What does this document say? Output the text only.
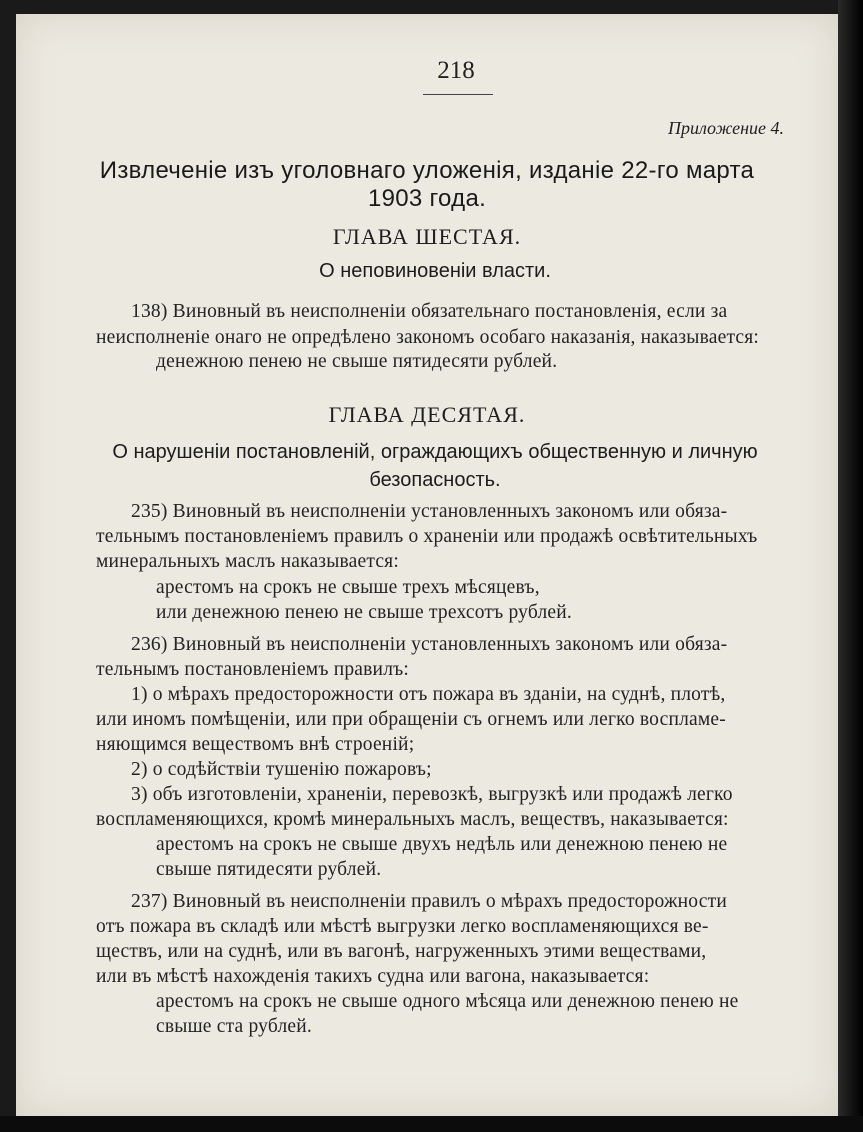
218
Приложение 4.
Извлеченіе изъ уголовнаго уложенія, изданіе 22-го марта
1903 года.
ГЛАВА ШЕСТАЯ.
О неповиновеніи власти.
138) Виновный въ неисполненіи обязательнаго постановленія, если за
неисполненіе онаго не опредѣлено закономъ особаго наказанія, наказывается:
денежною пенею не свыше пятидесяти рублей.
ГЛАВА ДЕСЯТАЯ.
О нарушеніи постановленій, ограждающихъ общественную и личную
безопасность.
235) Виновный въ неисполненіи установленныхъ закономъ или обяза-
тельнымъ постановленіемъ правилъ о храненіи или продажѣ освѣтительныхъ
минеральныхъ маслъ наказывается:
арестомъ на срокъ не свыше трехъ мѣсяцевъ,
или денежною пенею не свыше трехсотъ рублей.
236) Виновный въ неисполненіи установленныхъ закономъ или обяза-
тельнымъ постановленіемъ правилъ:
1) о мѣрахъ предосторожности отъ пожара въ зданіи, на суднѣ, плотѣ,
или иномъ помѣщеніи, или при обращеніи съ огнемъ или легко воспламе-
няющимся веществомъ внѣ строеній;
2) о содѣйствіи тушенію пожаровъ;
3) объ изготовленіи, храненіи, перевозкѣ, выгрузкѣ или продажѣ легко
воспламеняющихся, кромѣ минеральныхъ маслъ, веществъ, наказывается:
арестомъ на срокъ не свыше двухъ недѣль или денежною пенею не
свыше пятидесяти рублей.
237) Виновный въ неисполненіи правилъ о мѣрахъ предосторожности
отъ пожара въ складѣ или мѣстѣ выгрузки легко воспламеняющихся ве-
ществъ, или на суднѣ, или въ вагонѣ, нагруженныхъ этими веществами,
или въ мѣстѣ нахожденія такихъ судна или вагона, наказывается:
арестомъ на срокъ не свыше одного мѣсяца или денежною пенею не
свыше ста рублей.
